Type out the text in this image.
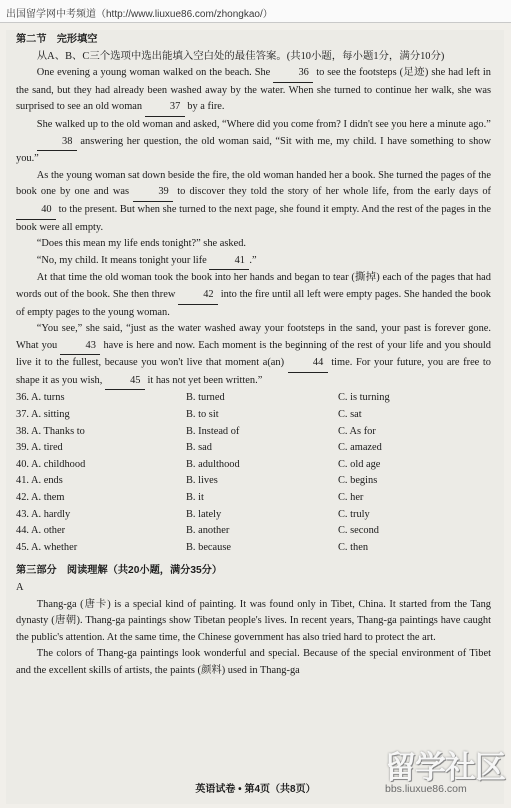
出国留学网中考频道（http://www.liuxue86.com/zhongkao/）

第二节　完形填空

从A、B、C三个选项中选出能填入空白处的最佳答案。(共10小题，每小题1分，满分10分)

One evening a young woman walked on the beach. She 36 to see the footsteps (足迹) she had left in the sand, but they had already been washed away by the water. When she turned to continue her walk, she was surprised to see an old woman 37 by a fire.

She walked up to the old woman and asked, “Where did you come from? I didn't see you here a minute ago.”

38 answering her question, the old woman said, “Sit with me, my child. I have something to show you.”

As the young woman sat down beside the fire, the old woman handed her a book. She turned the pages of the book one by one and was 39 to discover they told the story of her whole life, from the early days of 40 to the present. But when she turned to the next page, she found it empty. And the rest of the pages in the book were all empty.

“Does this mean my life ends tonight?” she asked.

“No, my child. It means tonight your life 41 .”

At that time the old woman took the book into her hands and began to tear (撕掉) each of the pages that had words out of the book. She then threw 42 into the fire until all left were empty pages. She handed the book of empty pages to the young woman.

“You see,” she said, “just as the water washed away your footsteps in the sand, your past is forever gone. What you 43 have is here and now. Each moment is the beginning of the rest of your life and you should live it to the fullest, because you won't live that moment a(an) 44 time. For your future, you are free to shape it as you wish, 45 it has not yet been written.”

36. A. turns	B. turned	C. is turning
37. A. sitting	B. to sit	C. sat
38. A. Thanks to	B. Instead of	C. As for
39. A. tired	B. sad	C. amazed
40. A. childhood	B. adulthood	C. old age
41. A. ends	B. lives	C. begins
42. A. them	B. it	C. her
43. A. hardly	B. lately	C. truly
44. A. other	B. another	C. second
45. A. whether	B. because	C. then

第三部分　阅读理解（共20小题，满分35分）

A

Thang-ga (唐卡) is a special kind of painting. It was found only in Tibet, China. It started from the Tang dynasty (唐朝). Thang-ga paintings show Tibetan people's lives. In recent years, Thang-ga paintings have caught the public's attention. At the same time, the Chinese government has also tried hard to protect the art.

The colors of Thang-ga paintings look wonderful and special. Because of the special environment of Tibet and the excellent skills of artists, the paints (颜料) used in Thang-ga

英语试卷 • 第4页（共8页）
留学社区
bbs.liuxue86.com
